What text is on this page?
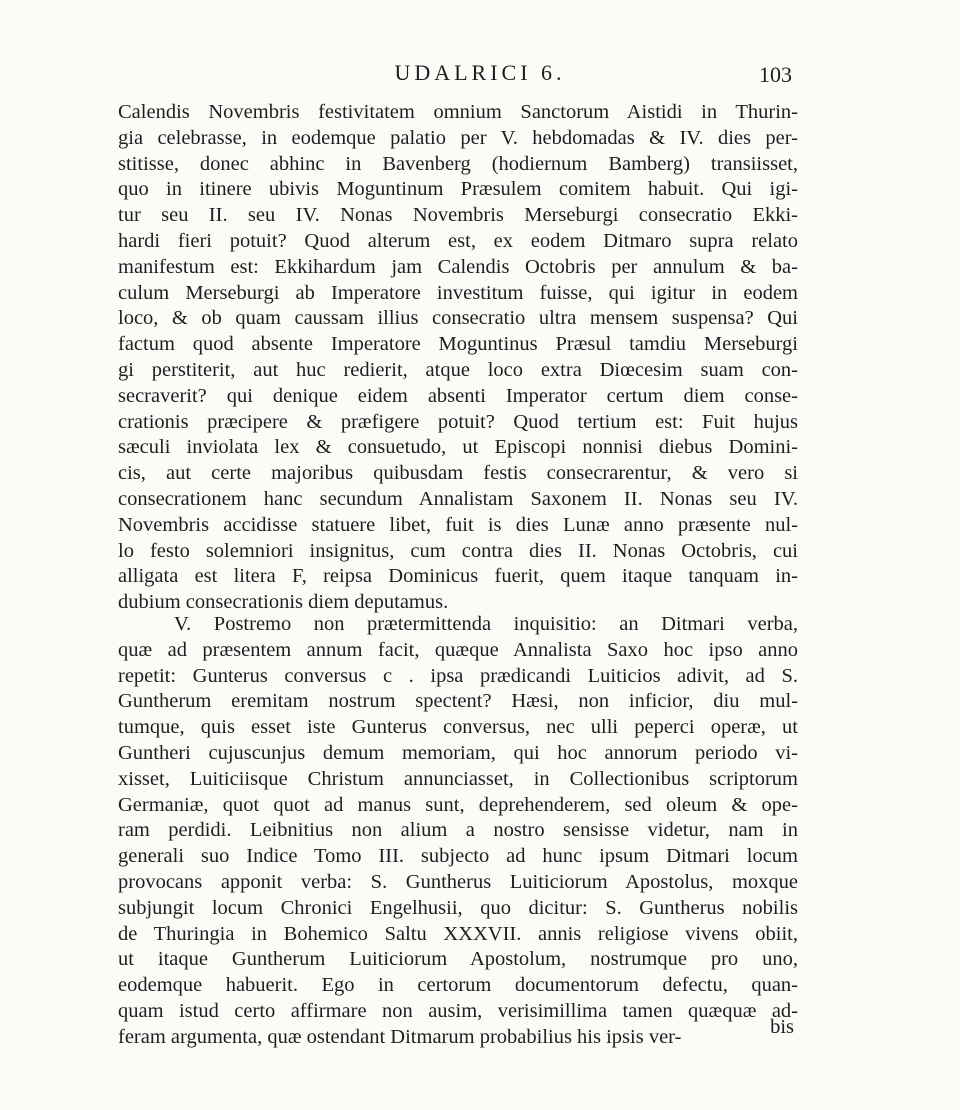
UDALRICI 6.	103
Calendis Novembris festivitatem omnium Sanctorum Aistidi in Thurin-
gia celebrasse, in eodemque palatio per V. hebdomadas & IV. dies per-
stitisse, donec abhinc in Bavenberg (hodiernum Bamberg) transiisset,
quo in itinere ubivis Moguntinum Præsulem comitem habuit. Qui igi-
tur seu II. seu IV. Nonas Novembris Merseburgi consecratio Ekki-
hardi fieri potuit? Quod alterum est, ex eodem Ditmaro supra relato
manifestum est: Ekkihardum jam Calendis Octobris per annulum & ba-
culum Merseburgi ab Imperatore investitum fuisse, qui igitur in eodem
loco, & ob quam caussam illius consecratio ultra mensem suspensa? Qui
factum quod absente Imperatore Moguntinus Præsul tamdiu Merseburgi
gi perstiterit, aut huc redierit, atque loco extra Diœcesim suam con-
secraverit? qui denique eidem absenti Imperator certum diem conse-
crationis præcipere & præfigere potuit? Quod tertium est: Fuit hujus
sæculi inviolata lex & consuetudo, ut Episcopi nonnisi diebus Domini-
cis, aut certe majoribus quibusdam festis consecrarentur, & vero si
consecrationem hanc secundum Annalistam Saxonem II. Nonas seu IV.
Novembris accidisse statuere libet, fuit is dies Lunæ anno præsente nul-
lo festo solemniori insignitus, cum contra dies II. Nonas Octobris, cui
alligata est litera F, reipsa Dominicus fuerit, quem itaque tanquam in-
dubium consecrationis diem deputamus.
V. Postremo non prætermittenda inquisitio: an Ditmari verba,
quæ ad præsentem annum facit, quæque Annalista Saxo hoc ipso anno
repetit: Gunterus conversus c . ipsa prædicandi Luiticios adivit, ad S.
Guntherum eremitam nostrum spectent? Hæsi, non inficior, diu mul-
tumque, quis esset iste Gunterus conversus, nec ulli peperci operæ, ut
Guntheri cujuscunjus demum memoriam, qui hoc annorum periodo vi-
xisset, Luiticiisque Christum annunciasset, in Collectionibus scriptorum
Germaniæ, quot quot ad manus sunt, deprehenderem, sed oleum & ope-
ram perdidi. Leibnitius non alium a nostro sensisse videtur, nam in
generali suo Indice Tomo III. subjecto ad hunc ipsum Ditmari locum
provocans apponit verba: S. Guntherus Luiticiorum Apostolus, moxque
subjungit locum Chronici Engelhusii, quo dicitur: S. Guntherus nobilis
de Thuringia in Bohemico Saltu XXXVII. annis religiose vivens obiit,
ut itaque Guntherum Luiticiorum Apostolum, nostrumque pro uno,
eodemque habuerit. Ego in certorum documentorum defectu, quan-
quam istud certo affirmare non ausim, verisimillima tamen quæquæ ad-
feram argumenta, quæ ostendant Ditmarum probabilius his ipsis ver-	bis
